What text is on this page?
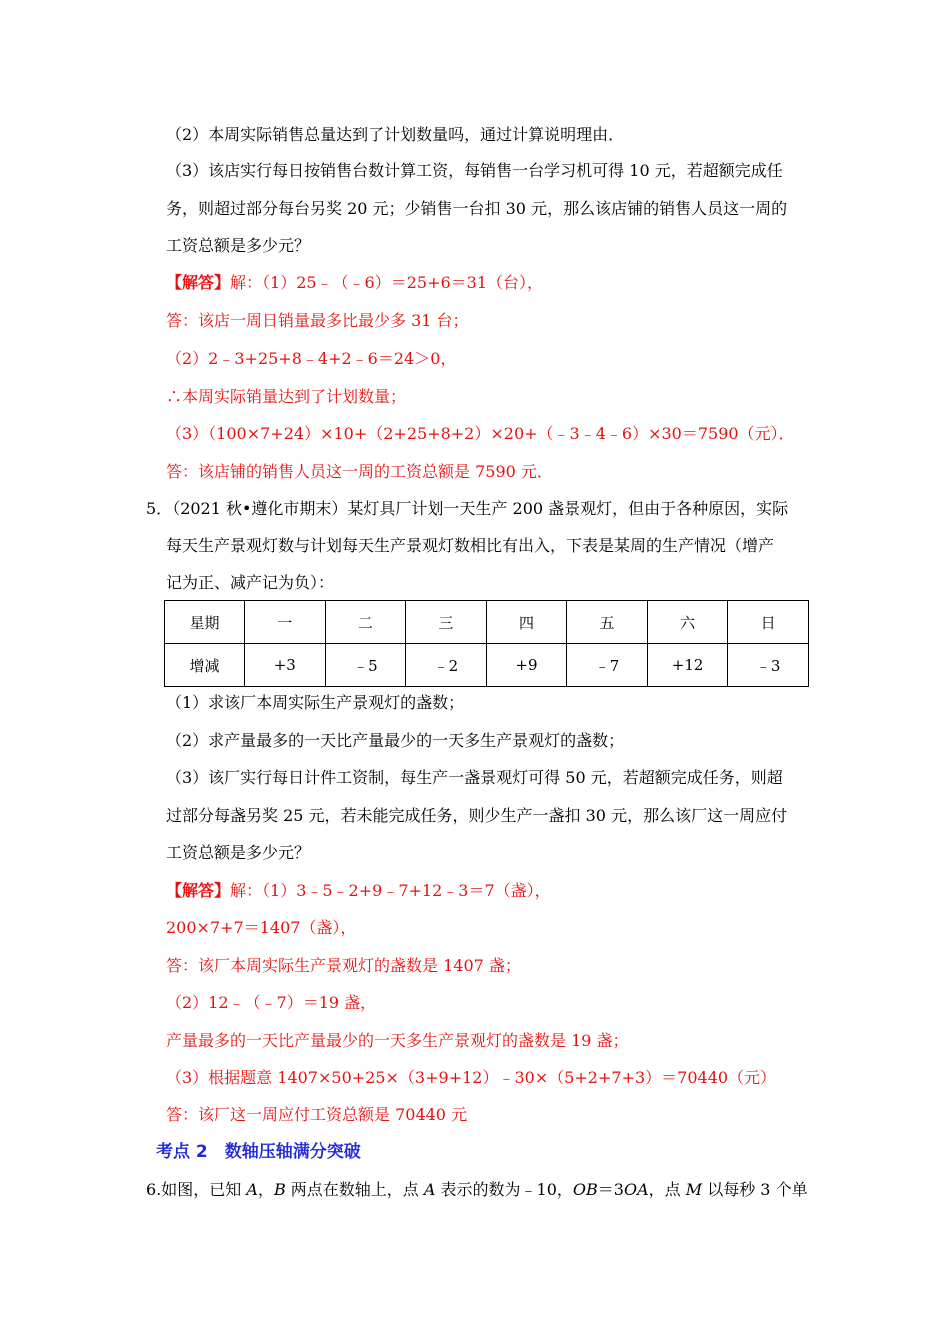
（2）本周实际销售总量达到了计划数量吗，通过计算说明理由．
（3）该店实行每日按销售台数计算工资，每销售一台学习机可得 10 元，若超额完成任
务，则超过部分每台另奖 20 元；少销售一台扣 30 元，那么该店铺的销售人员这一周的
工资总额是多少元？
【解答】解：（1）25﹣（﹣6）＝25+6＝31（台），
答：该店一周日销量最多比最少多 31 台；
（2）2﹣3+25+8﹣4+2﹣6＝24＞0，
∴本周实际销量达到了计划数量；
（3）（100×7+24）×10+（2+25+8+2）×20+（﹣3﹣4﹣6）×30＝7590（元）．
答：该店铺的销售人员这一周的工资总额是 7590 元．
5．（2021 秋•遵化市期末）某灯具厂计划一天生产 200 盏景观灯，但由于各种原因，实际
每天生产景观灯数与计划每天生产景观灯数相比有出入，下表是某周的生产情况（增产
记为正、减产记为负）：
星期	一	二	三	四	五	六	日
增减	+3	﹣5	﹣2	+9	﹣7	+12	﹣3
（1）求该厂本周实际生产景观灯的盏数；
（2）求产量最多的一天比产量最少的一天多生产景观灯的盏数；
（3）该厂实行每日计件工资制，每生产一盏景观灯可得 50 元，若超额完成任务，则超
过部分每盏另奖 25 元，若未能完成任务，则少生产一盏扣 30 元，那么该厂这一周应付
工资总额是多少元？
【解答】解：（1）3﹣5﹣2+9﹣7+12﹣3＝7（盏），
200×7+7＝1407（盏），
答：该厂本周实际生产景观灯的盏数是 1407 盏；
（2）12﹣（﹣7）＝19 盏，
产量最多的一天比产量最少的一天多生产景观灯的盏数是 19 盏；
（3）根据题意 1407×50+25×（3+9+12）﹣30×（5+2+7+3）＝70440（元）
答：该厂这一周应付工资总额是 70440 元
考点 2　数轴压轴满分突破
6.如图，已知 A，B 两点在数轴上，点 A 表示的数为﹣10，OB＝3OA，点 M 以每秒 3 个单
